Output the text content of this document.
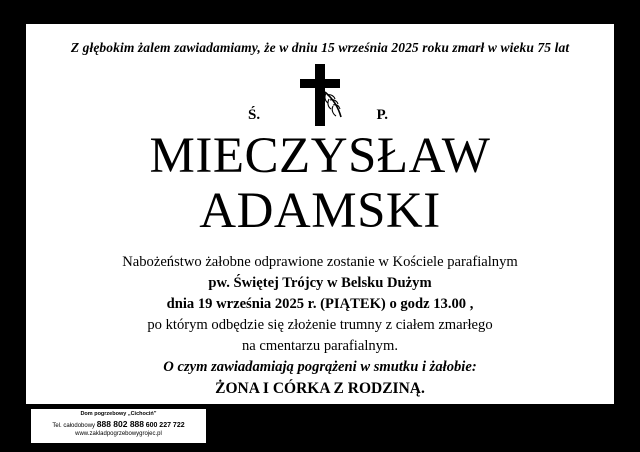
Z głębokim żalem zawiadamiamy, że w dniu 15 września 2025 roku zmarł w wieku 75 lat
Ś.	P.
MIECZYSŁAW
ADAMSKI
Nabożeństwo żałobne odprawione zostanie w Kościele parafialnym
pw. Świętej Trójcy w Belsku Dużym
dnia 19 września 2025 r. (PIĄTEK) o godz 13.00 ,
po którym odbędzie się złożenie trumny z ciałem zmarłego
na cmentarzu parafialnym.
O czym zawiadamiają pogrążeni w smutku i żałobie:
ŻONA I CÓRKA Z RODZINĄ.
Dom pogrzebowy „Cichociń”
Tel. całodobowy 888 802 888 600 227 722
www.zakladpogrzebowygrojec.pl
